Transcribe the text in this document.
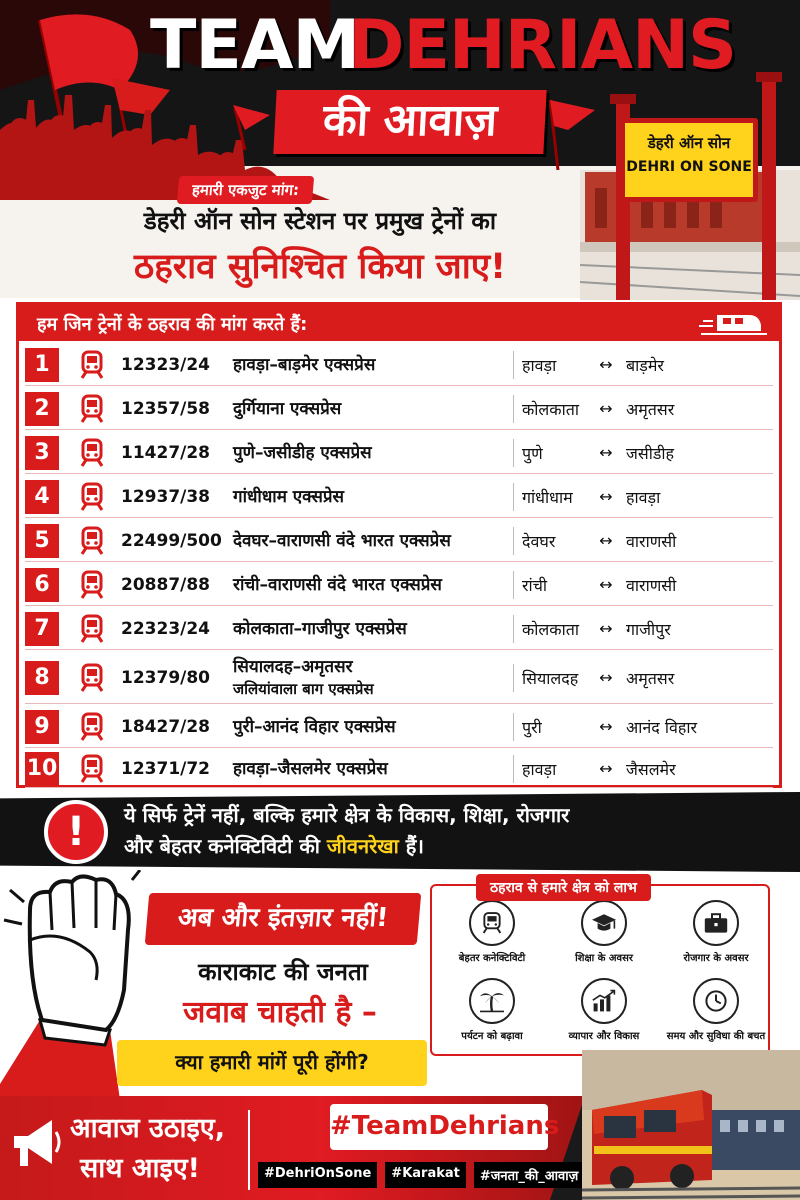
TEAM
DEHRIANS
की आवाज़	डेहरी ऑन सोन
DEHRI ON SONE
हमारी एकजुट मांग:
डेहरी ऑन सोन स्टेशन पर प्रमुख ट्रेनों का
ठहराव सुनिश्चित किया जाए!
हम जिन ट्रेनों के ठहराव की मांग करते हैं:
1	12323/24	हावड़ा–बाड़मेर एक्सप्रेस	हावड़ा	↔ बाड़मेर
2	12357/58	दुर्गियाना एक्सप्रेस	कोलकाता	↔ अमृतसर
3	11427/28	पुणे–जसीडीह एक्सप्रेस	पुणे	↔ जसीडीह
4	12937/38	गांधीधाम एक्सप्रेस	गांधीधाम	↔ हावड़ा
5	22499/500 देवघर–वाराणसी वंदे भारत एक्सप्रेस	देवघर	↔ वाराणसी
6	20887/88	रांची–वाराणसी वंदे भारत एक्सप्रेस	रांची	↔ वाराणसी
7	22323/24	कोलकाता–गाजीपुर एक्सप्रेस	कोलकाता	↔ गाजीपुर
8	12379/80
सियालदह–अमृतसर
जलियांवाला बाग एक्सप्रेस
सियालदह	↔ अमृतसर
9	18427/28	पुरी–आनंद विहार एक्सप्रेस	पुरी	↔ आनंद विहार
10	12371/72	हावड़ा–जैसलमेर एक्सप्रेस	हावड़ा	↔ जैसलमेर
!	ये सिर्फ ट्रेनें नहीं, बल्कि हमारे क्षेत्र के विकास, शिक्षा, रोजगार
और बेहतर कनेक्टिविटी की जीवनरेखा हैं।
अब और इंतज़ार नहीं!
काराकाट की जनता
जवाब चाहती है –
क्या हमारी मांगें पूरी होंगी?
बेहतर कनेक्टिविटी	शिक्षा के अवसर	रोजगार के अवसर
पर्यटन को बढ़ावा	व्यापार और विकास	समय और सुविधा की बचत
ठहराव से हमारे क्षेत्र को लाभ
आवाज उठाइए,
साथ आइए!
#TeamDehrians
#DehriOnSone	#Karakat	#जनता_की_आवाज़
